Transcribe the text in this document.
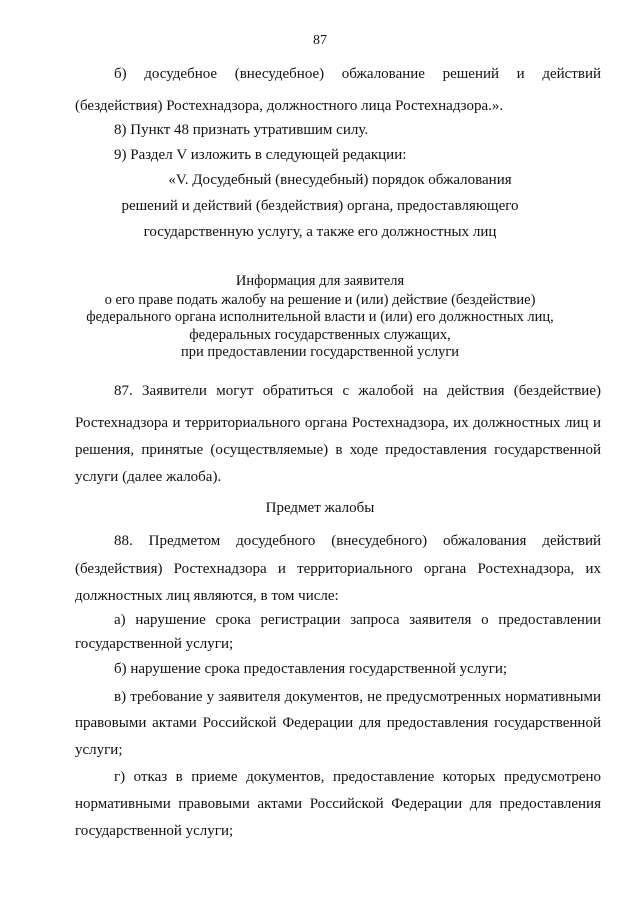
87
б) досудебное (внесудебное) обжалование решений и действий
(бездействия) Ростехнадзора, должностного лица Ростехнадзора.».
8) Пункт 48 признать утратившим силу.
9) Раздел V изложить в следующей редакции:
«V. Досудебный (внесудебный) порядок обжалования
решений и действий (бездействия) органа, предоставляющего
государственную услугу, а также его должностных лиц
Информация для заявителя
о его праве подать жалобу на решение и (или) действие (бездействие)
федерального органа исполнительной власти и (или) его должностных лиц,
федеральных государственных служащих,
при предоставлении государственной услуги
87. Заявители могут обратиться с жалобой на действия (бездействие)
Ростехнадзора и территориального органа Ростехнадзора, их должностных лиц и
решения, принятые (осуществляемые) в ходе предоставления государственной
услуги (далее жалоба).
Предмет жалобы
88. Предметом досудебного (внесудебного) обжалования действий
(бездействия) Ростехнадзора и территориального органа Ростехнадзора, их
должностных лиц являются, в том числе:
а) нарушение срока регистрации запроса заявителя о предоставлении
государственной услуги;
б) нарушение срока предоставления государственной услуги;
в) требование у заявителя документов, не предусмотренных нормативными
правовыми актами Российской Федерации для предоставления государственной
услуги;
г) отказ в приеме документов, предоставление которых предусмотрено
нормативными правовыми актами Российской Федерации для предоставления
государственной услуги;
